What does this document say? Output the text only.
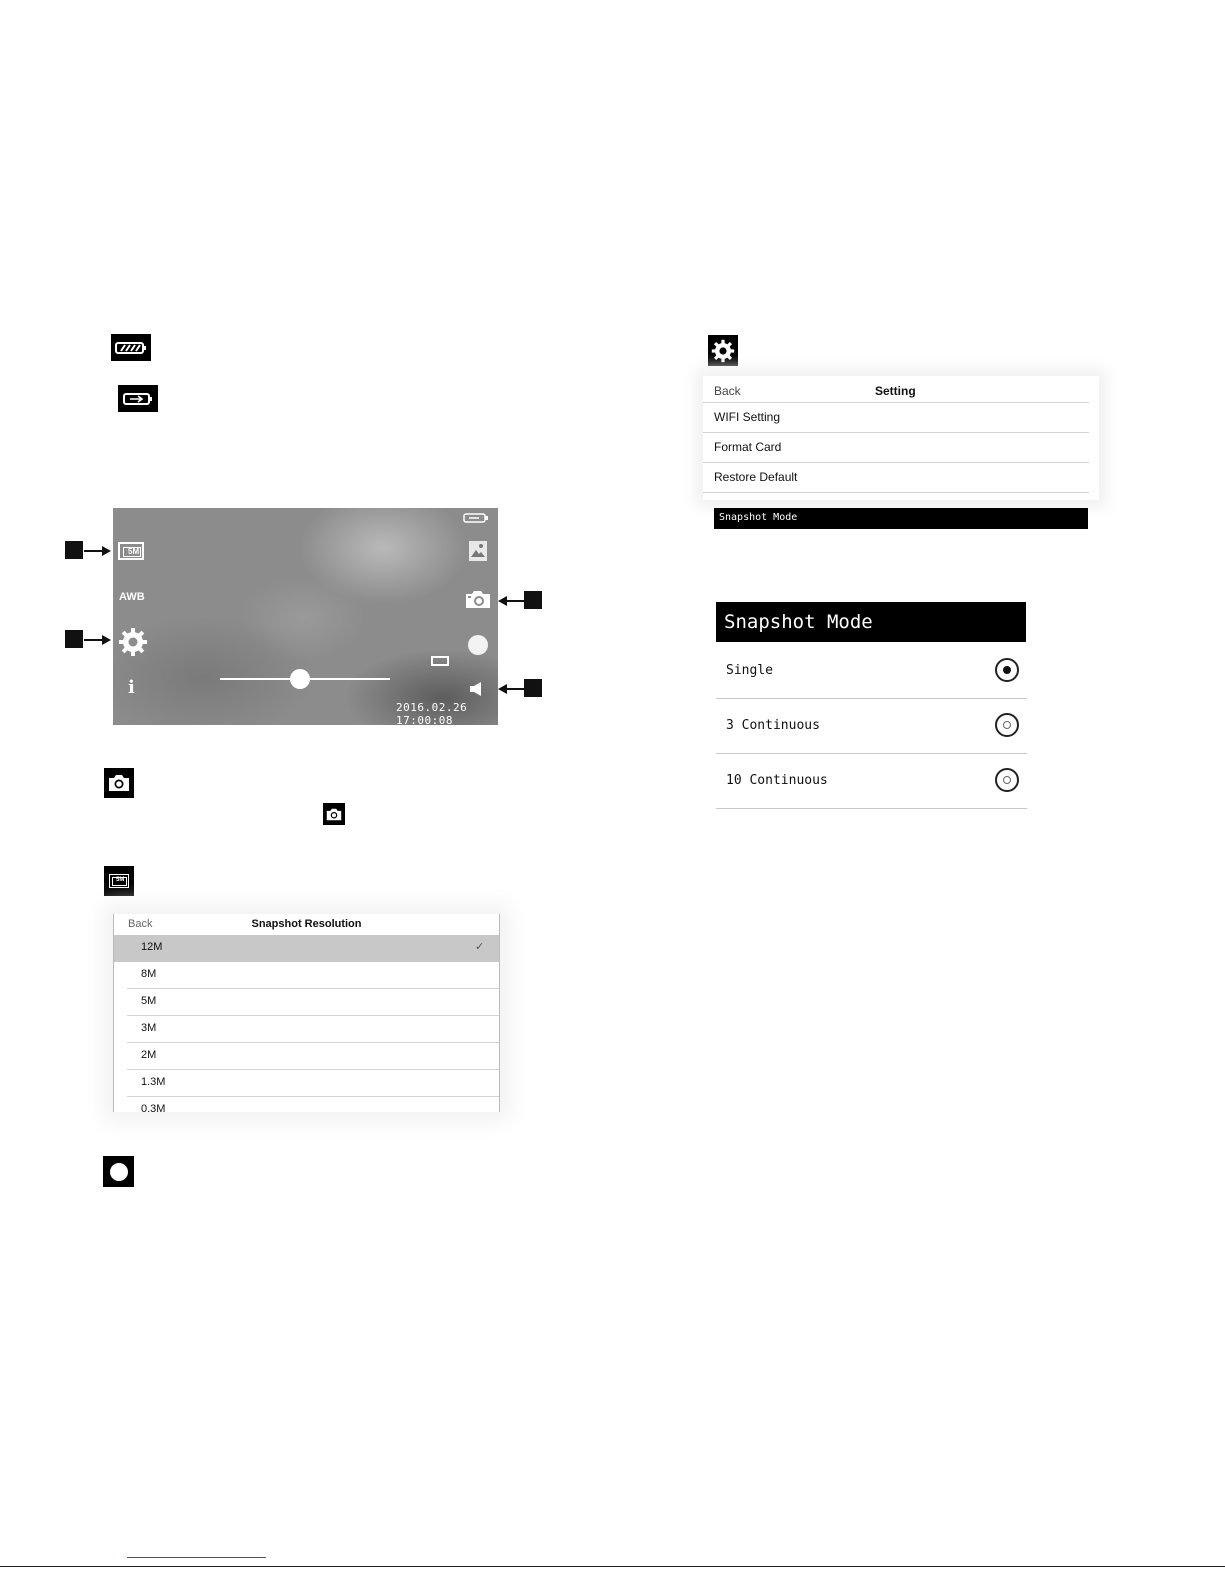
5M
AWB
i
2016.02.26 17:00:08
5M
Back	Snapshot Resolution
12M	✓
8M
5M
3M
2M
1.3M
0.3M
Back	Setting
WIFI Setting
Format Card
Restore Default
Snapshot Mode
Snapshot Mode
Single
3 Continuous
10 Continuous
